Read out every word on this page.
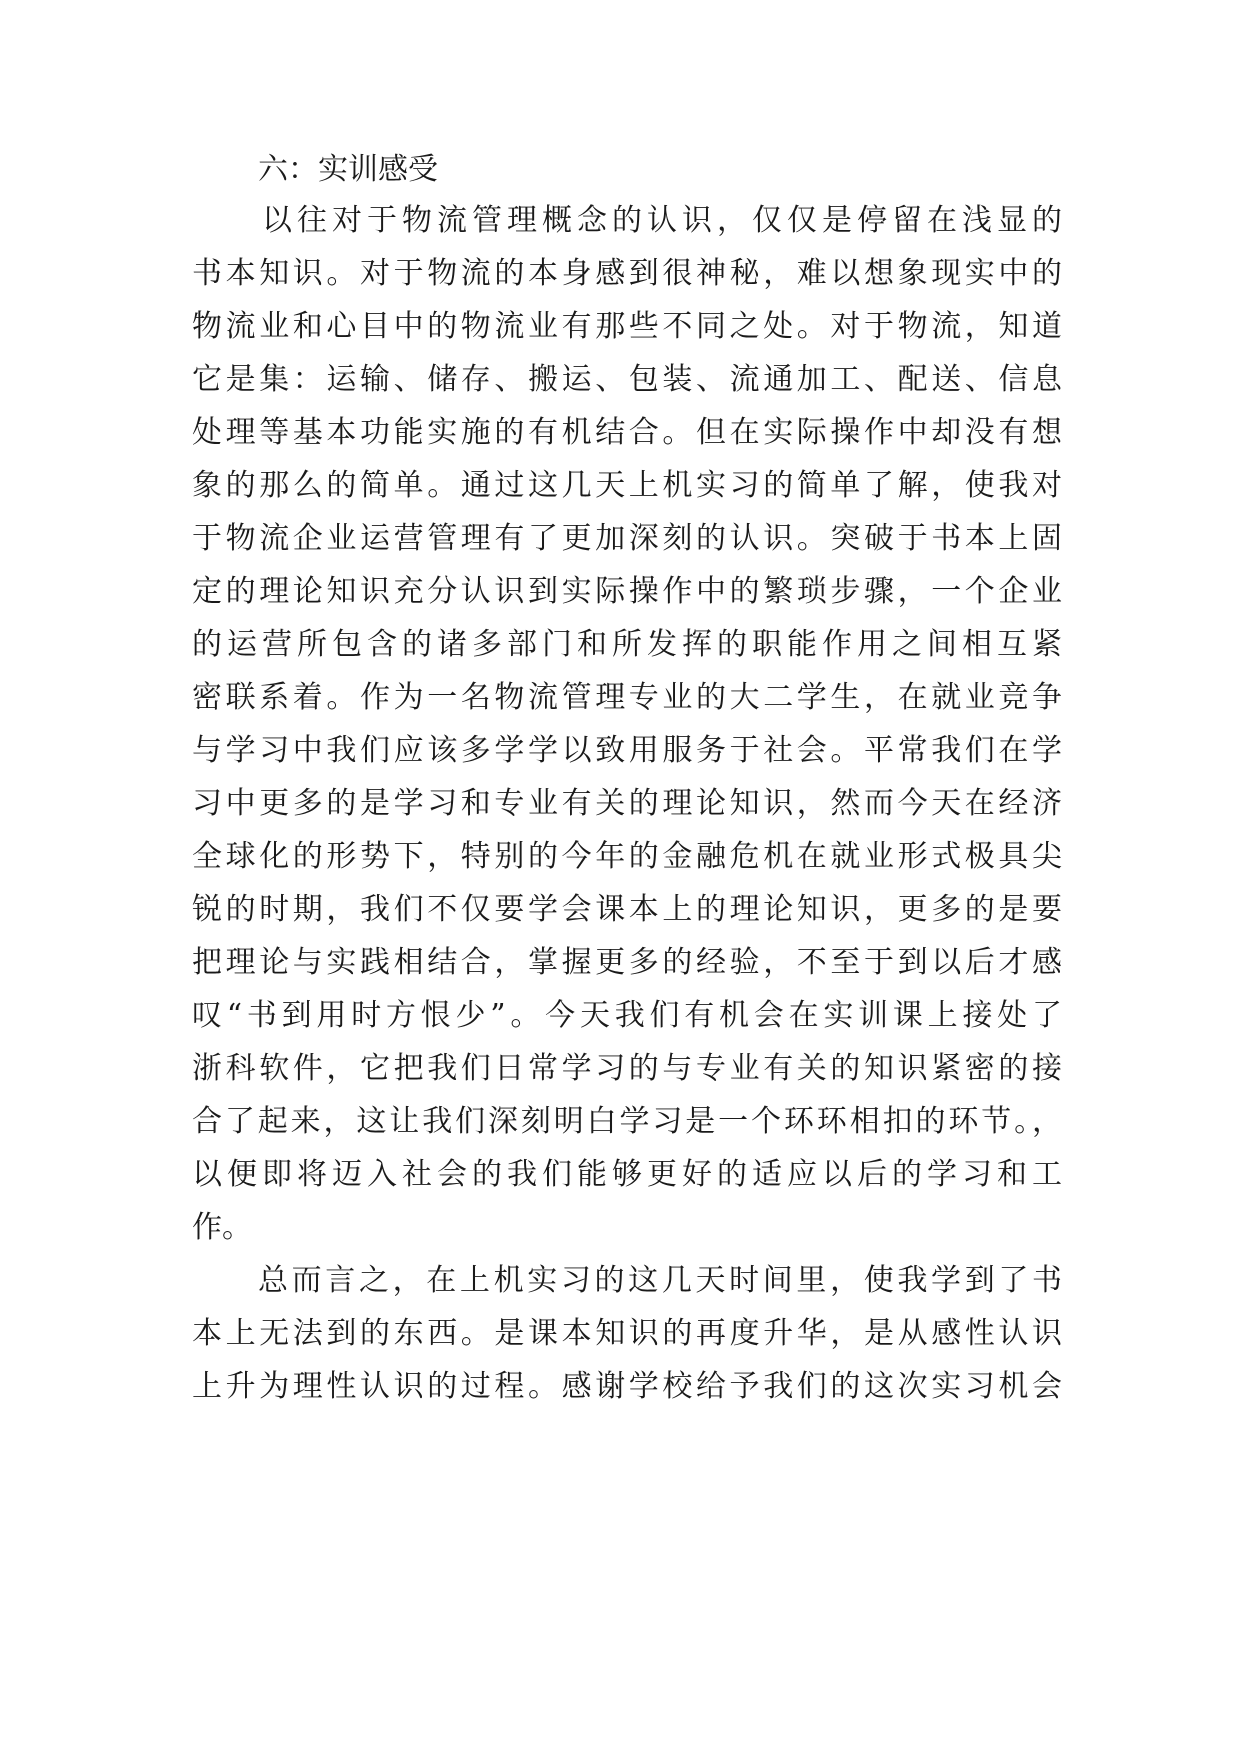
六：实训感受
以往对于物流管理概念的认识，仅仅是停留在浅显的
书本知识。对于物流的本身感到很神秘，难以想象现实中的
物流业和心目中的物流业有那些不同之处。对于物流，知道
它是集：运输、储存、搬运、包装、流通加工、配送、信息
处理等基本功能实施的有机结合。但在实际操作中却没有想
象的那么的简单。通过这几天上机实习的简单了解，使我对
于物流企业运营管理有了更加深刻的认识。突破于书本上固
定的理论知识充分认识到实际操作中的繁琐步骤，一个企业
的运营所包含的诸多部门和所发挥的职能作用之间相互紧
密联系着。作为一名物流管理专业的大二学生，在就业竞争
与学习中我们应该多学学以致用服务于社会。平常我们在学
习中更多的是学习和专业有关的理论知识，然而今天在经济
全球化的形势下，特别的今年的金融危机在就业形式极具尖
锐的时期，我们不仅要学会课本上的理论知识，更多的是要
把理论与实践相结合，掌握更多的经验，不至于到以后才感
叹“书到用时方恨少”。今天我们有机会在实训课上接处了
浙科软件，它把我们日常学习的与专业有关的知识紧密的接
合了起来，这让我们深刻明白学习是一个环环相扣的环节。，
以便即将迈入社会的我们能够更好的适应以后的学习和工
作。
总而言之，在上机实习的这几天时间里，使我学到了书
本上无法到的东西。是课本知识的再度升华，是从感性认识
上升为理性认识的过程。感谢学校给予我们的这次实习机会
